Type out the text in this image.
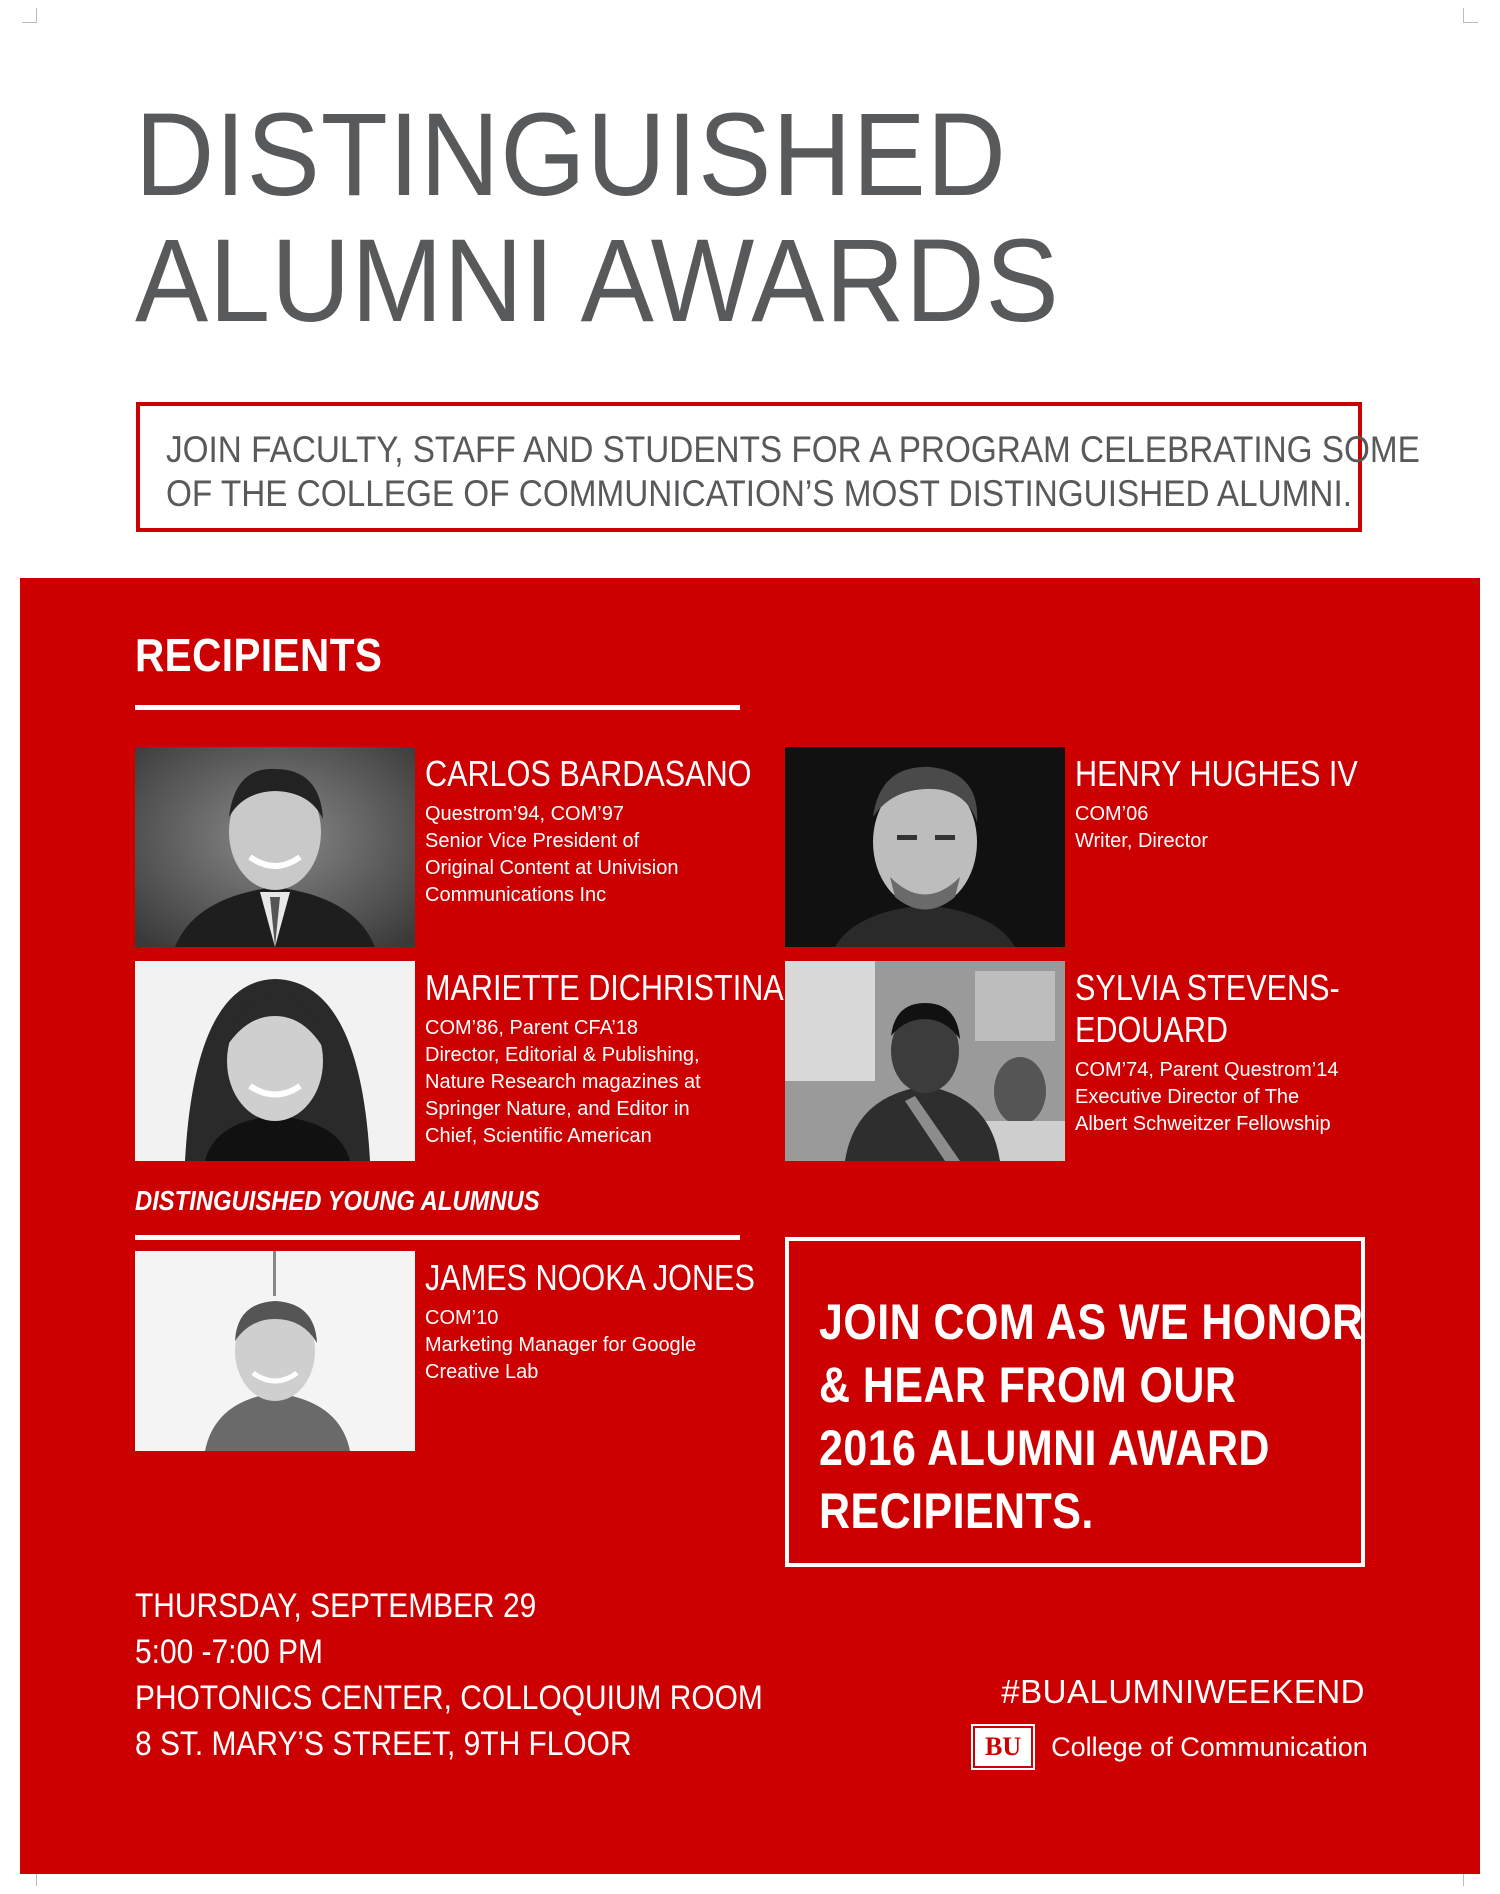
DISTINGUISHED
ALUMNI AWARDS

JOIN FACULTY, STAFF AND STUDENTS FOR A PROGRAM CELEBRATING SOME

OF THE COLLEGE OF COMMUNICATION’S MOST DISTINGUISHED ALUMNI.

RECIPIENTS
CARLOS BARDASANO

Questrom’94, COM’97
Senior Vice President of
Original Content at Univision
Communications Inc

HENRY HUGHES IV

COM’06
Writer, Director

MARIETTE DICHRISTINA

COM’86, Parent CFA’18
Director, Editorial & Publishing,
Nature Research magazines at
Springer Nature, and Editor in
Chief, Scientific American

SYLVIA STEVENS-
EDOUARD

COM’74, Parent Questrom’14
Executive Director of The
Albert Schweitzer Fellowship

DISTINGUISHED YOUNG ALUMNUS
JAMES NOOKA JONES

COM’10
Marketing Manager for Google
Creative Lab

JOIN COM AS WE HONOR
& HEAR FROM OUR
2016 ALUMNI AWARD
RECIPIENTS.

THURSDAY, SEPTEMBER 29
5:00 -7:00 PM
PHOTONICS CENTER, COLLOQUIUM ROOM
8 ST. MARY’S STREET, 9TH FLOOR
#BUALUMNIWEEKEND
BU	College of Communication
